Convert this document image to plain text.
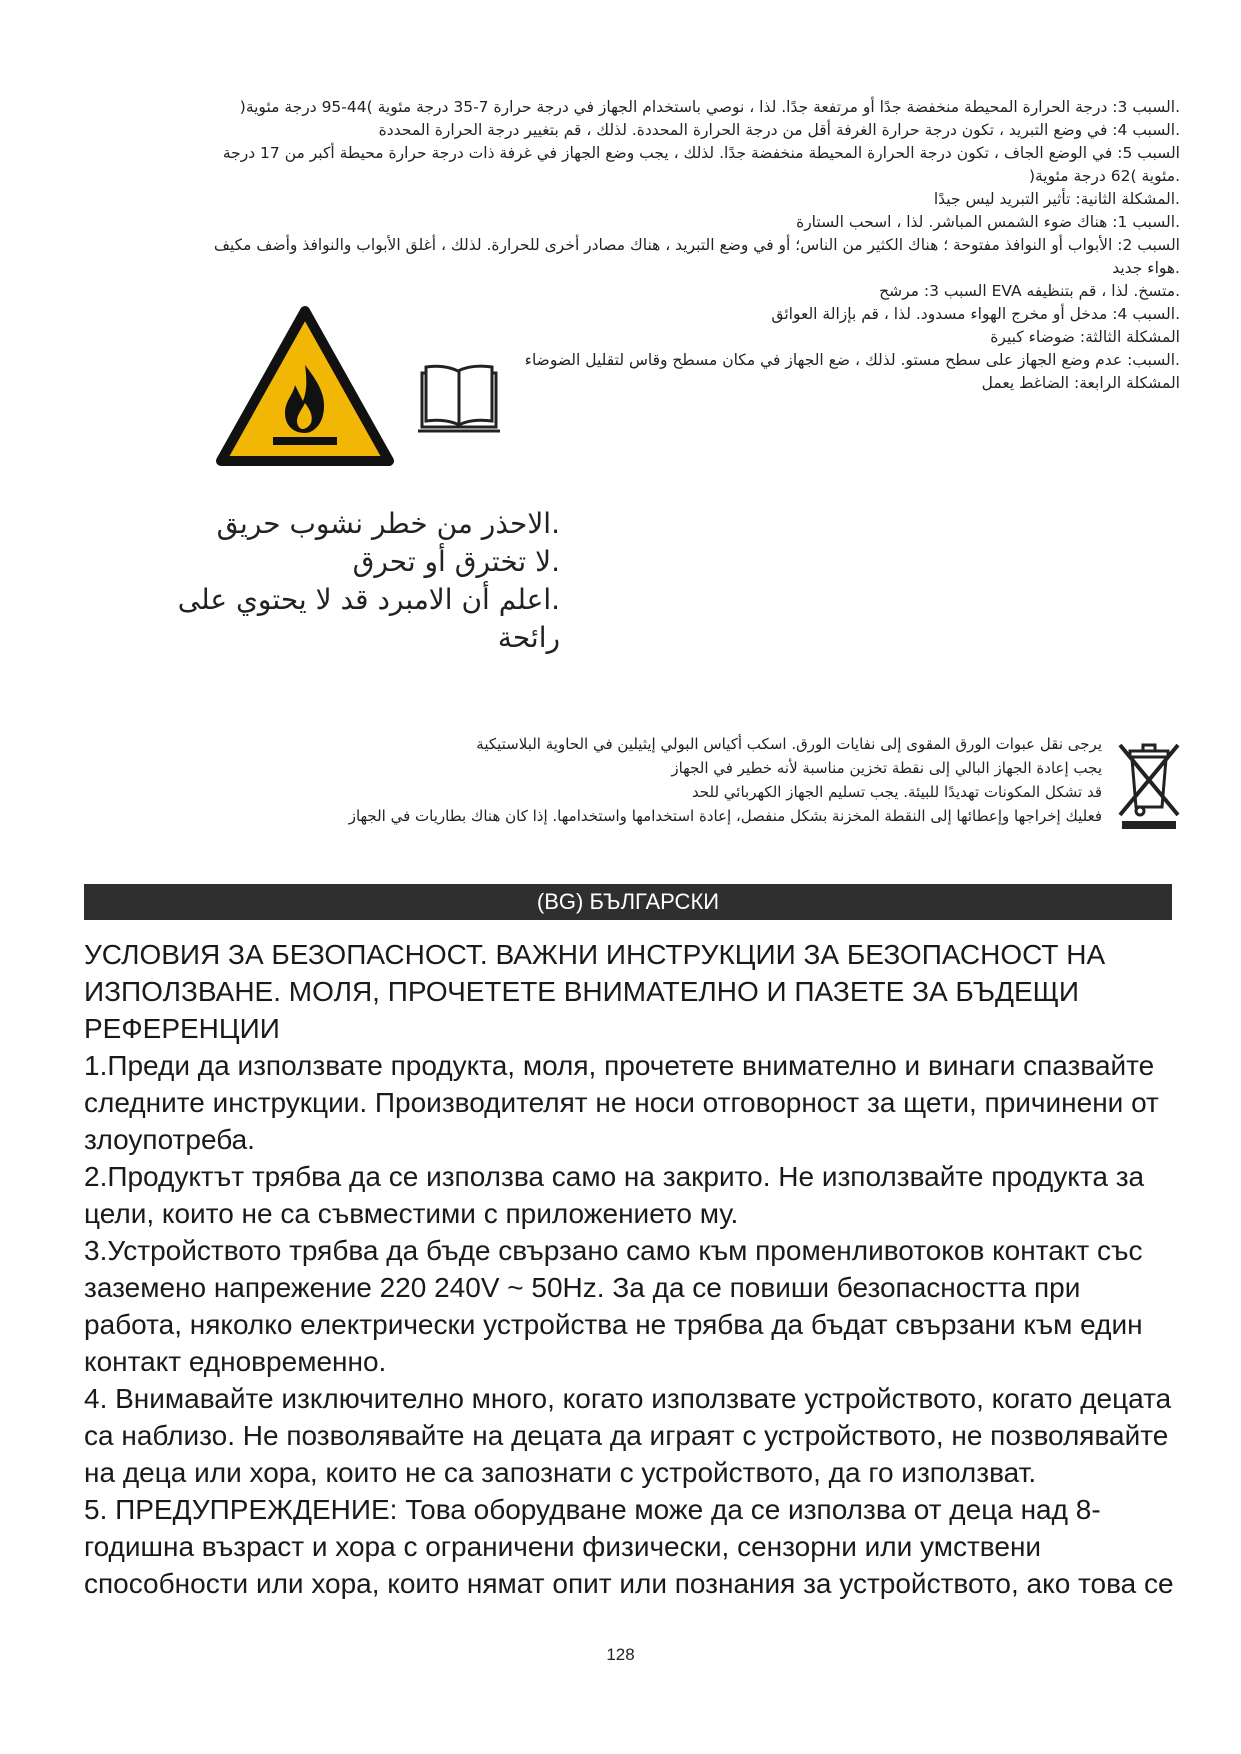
.السبب 3: درجة الحرارة المحيطة منخفضة جدًا أو مرتفعة جدًا. لذا ، نوصي باستخدام الجهاز في درجة حرارة 7-35 درجة مئوية )44-95 درجة مئوية(
.السبب 4: في وضع التبريد ، تكون درجة حرارة الغرفة أقل من درجة الحرارة المحددة. لذلك ، قم بتغيير درجة الحرارة المحددة
السبب 5: في الوضع الجاف ، تكون درجة الحرارة المحيطة منخفضة جدًا. لذلك ، يجب وضع الجهاز في غرفة ذات درجة حرارة محيطة أكبر من 17 درجة
.مئوية )62 درجة مئوية(
.المشكلة الثانية: تأثير التبريد ليس جيدًا
.السبب 1: هناك ضوء الشمس المباشر. لذا ، اسحب الستارة
السبب 2: الأبواب أو النوافذ مفتوحة ؛ هناك الكثير من الناس؛ أو في وضع التبريد ، هناك مصادر أخرى للحرارة. لذلك ، أغلق الأبواب والنوافذ وأضف مكيف
.هواء جديد
.متسخ. لذا ، قم بتنظيفه EVA السبب 3: مرشح
.السبب 4: مدخل أو مخرج الهواء مسدود. لذا ، قم بإزالة العوائق
المشكلة الثالثة: ضوضاء كبيرة
.السبب: عدم وضع الجهاز على سطح مستو. لذلك ، ضع الجهاز في مكان مسطح وقاس لتقليل الضوضاء
المشكلة الرابعة: الضاغط يعمل
.الاحذر من خطر نشوب حريق
.لا تخترق أو تحرق
.اعلم أن الامبرد قد لا يحتوي على رائحة
يرجى نقل عبوات الورق المقوى إلى نفايات الورق. اسكب أكياس البولي إيثيلين في الحاوية البلاستيكية
يجب إعادة الجهاز البالي إلى نقطة تخزين مناسبة لأنه خطير في الجهاز
قد تشكل المكونات تهديدًا للبيئة. يجب تسليم الجهاز الكهربائي للحد
فعليك إخراجها وإعطائها إلى النقطة المخزنة بشكل منفصل، إعادة استخدامها واستخدامها. إذا كان هناك بطاريات في الجهاز
(BG) БЪЛГАРСКИ

УСЛОВИЯ ЗА БЕЗОПАСНОСТ. ВАЖНИ ИНСТРУКЦИИ ЗА БЕЗОПАСНОСТ НА ИЗПОЛЗВАНЕ. МОЛЯ, ПРОЧЕТЕТЕ ВНИМАТЕЛНО И ПАЗЕТЕ ЗА БЪДЕЩИ РЕФЕРЕНЦИИ

1.Преди да използвате продукта, моля, прочетете внимателно и винаги спазвайте следните инструкции. Производителят не носи отговорност за щети, причинени от злоупотреба.

2.Продуктът трябва да се използва само на закрито. Не използвайте продукта за цели, които не са съвместими с приложението му.

3.Устройството трябва да бъде свързано само към променливотоков контакт със заземено напрежение 220 240V ~ 50Hz. За да се повиши безопасността при работа, няколко електрически устройства не трябва да бъдат свързани към един контакт едновременно.

4. Внимавайте изключително много, когато използвате устройството, когато децата са наблизо. Не позволявайте на децата да играят с устройството, не позволявайте на деца или хора, които не са запознати с устройството, да го използват.

5. ПРЕДУПРЕЖДЕНИЕ: Това оборудване може да се използва от деца над 8-годишна възраст и хора с ограничени физически, сензорни или умствени способности или хора, които нямат опит или познания за устройството, ако това се

128
